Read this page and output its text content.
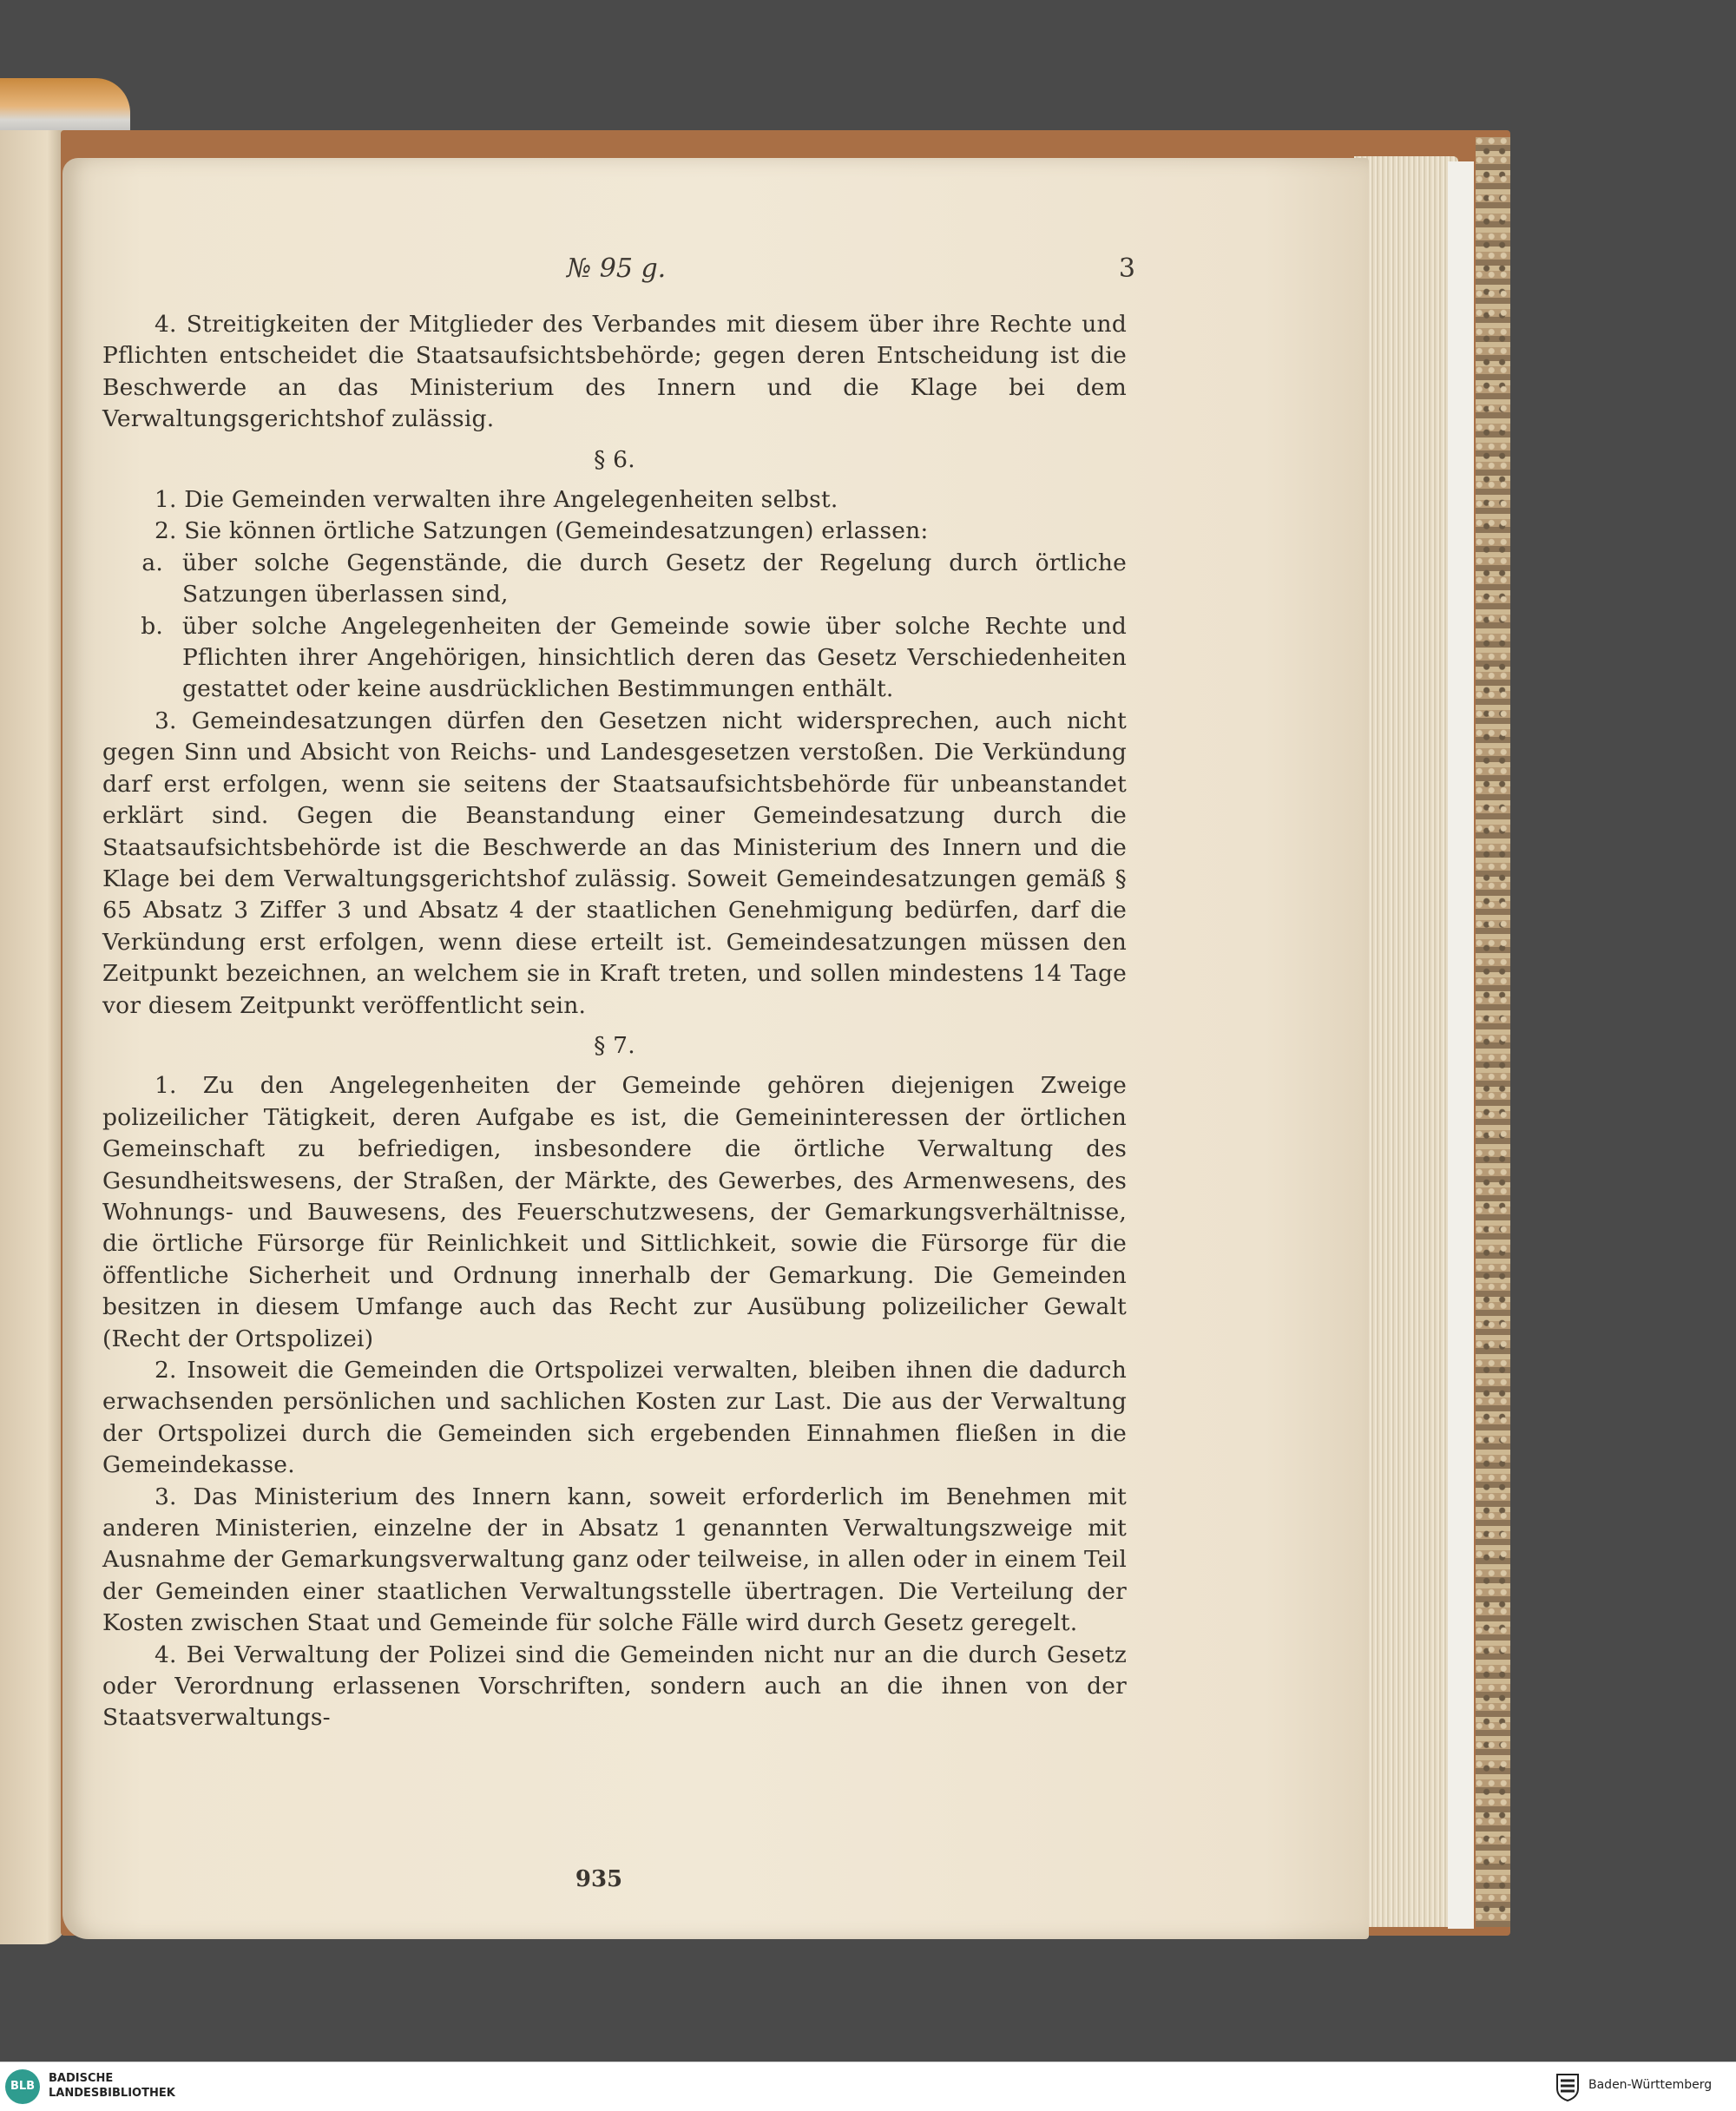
№ 95 g.	3

4. Streitigkeiten der Mitglieder des Verbandes mit diesem über ihre Rechte und Pflichten entscheidet die Staatsaufsichtsbehörde; gegen deren Entscheidung ist die Beschwerde an das Ministerium des Innern und die Klage bei dem Verwaltungsgerichtshof zulässig.

§ 6.

1. Die Gemeinden verwalten ihre Angelegenheiten selbst.

2. Sie können örtliche Satzungen (Gemeindesatzungen) erlassen:

a. über solche Gegenstände, die durch Gesetz der Regelung durch örtliche Satzungen überlassen sind,
b. über solche Angelegenheiten der Gemeinde sowie über solche Rechte und Pflichten ihrer Angehörigen, hinsichtlich deren das Gesetz Verschiedenheiten gestattet oder keine ausdrücklichen Bestimmungen enthält.

3. Gemeindesatzungen dürfen den Gesetzen nicht widersprechen, auch nicht gegen Sinn und Absicht von Reichs- und Landesgesetzen verstoßen. Die Verkündung darf erst erfolgen, wenn sie seitens der Staatsaufsichtsbehörde für unbeanstandet erklärt sind. Gegen die Beanstandung einer Gemeindesatzung durch die Staatsaufsichtsbehörde ist die Beschwerde an das Ministerium des Innern und die Klage bei dem Verwaltungsgerichtshof zulässig. Soweit Gemeindesatzungen gemäß § 65 Absatz 3 Ziffer 3 und Absatz 4 der staatlichen Genehmigung bedürfen, darf die Verkündung erst erfolgen, wenn diese erteilt ist. Gemeindesatzungen müssen den Zeitpunkt bezeichnen, an welchem sie in Kraft treten, und sollen mindestens 14 Tage vor diesem Zeitpunkt veröffentlicht sein.

§ 7.

1. Zu den Angelegenheiten der Gemeinde gehören diejenigen Zweige polizeilicher Tätigkeit, deren Aufgabe es ist, die Gemeininteressen der örtlichen Gemeinschaft zu befriedigen, insbesondere die örtliche Verwaltung des Gesundheitswesens, der Straßen, der Märkte, des Gewerbes, des Armenwesens, des Wohnungs- und Bauwesens, des Feuerschutzwesens, der Gemarkungsverhältnisse, die örtliche Fürsorge für Reinlichkeit und Sittlichkeit, sowie die Fürsorge für die öffentliche Sicherheit und Ordnung innerhalb der Gemarkung. Die Gemeinden besitzen in diesem Umfange auch das Recht zur Ausübung polizeilicher Gewalt (Recht der Ortspolizei)

2. Insoweit die Gemeinden die Ortspolizei verwalten, bleiben ihnen die dadurch erwachsenden persönlichen und sachlichen Kosten zur Last. Die aus der Verwaltung der Ortspolizei durch die Gemeinden sich ergebenden Einnahmen fließen in die Gemeindekasse.

3. Das Ministerium des Innern kann, soweit erforderlich im Benehmen mit anderen Ministerien, einzelne der in Absatz 1 genannten Verwaltungszweige mit Ausnahme der Gemarkungsverwaltung ganz oder teilweise, in allen oder in einem Teil der Gemeinden einer staatlichen Verwaltungsstelle übertragen. Die Verteilung der Kosten zwischen Staat und Gemeinde für solche Fälle wird durch Gesetz geregelt.

4. Bei Verwaltung der Polizei sind die Gemeinden nicht nur an die durch Gesetz oder Verordnung erlassenen Vorschriften, sondern auch an die ihnen von der Staatsverwaltungs-

935
BLB
BADISCHE
LANDESBIBLIOTHEK
Baden-Württemberg
